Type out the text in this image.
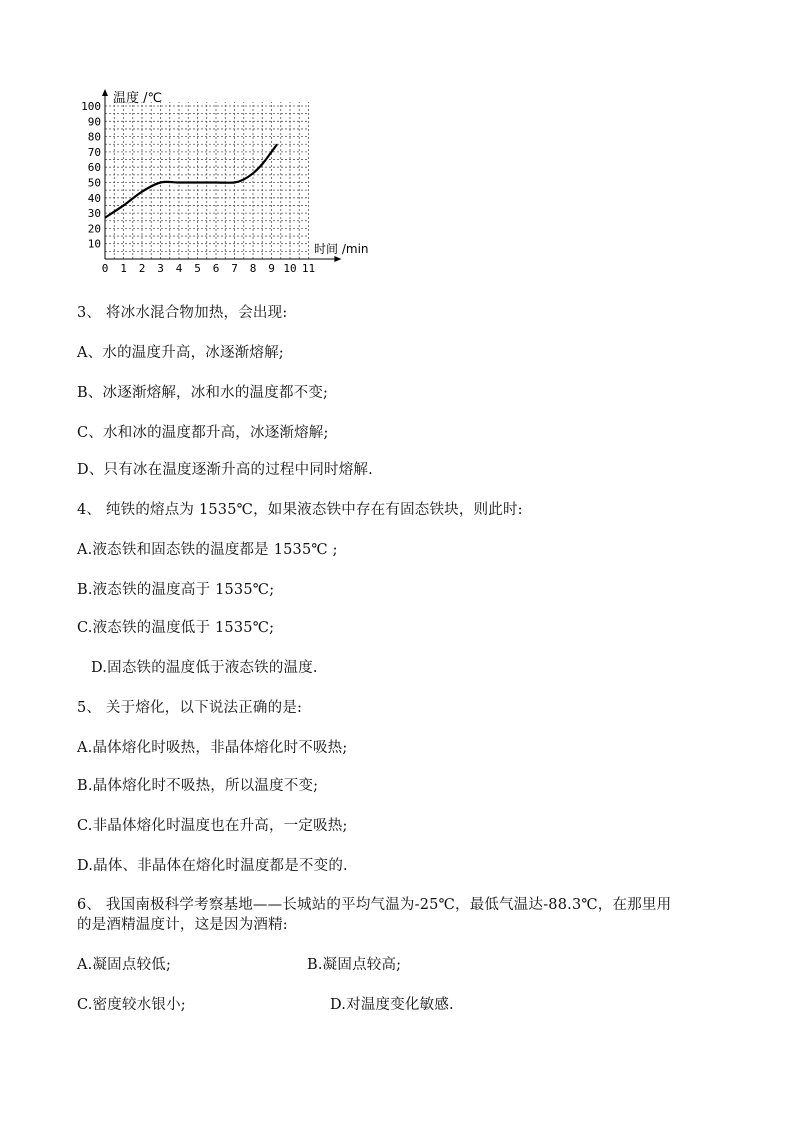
0 1 2 3 4 5 6 7 8 9 10 11
10
20
30
40
50
60
70
80
90
100
温度 /℃
时间 /min
3、 将冰水混合物加热，会出现:
A、水的温度升高，冰逐渐熔解;
B、冰逐渐熔解，冰和水的温度都不变;
C、水和冰的温度都升高，冰逐渐熔解;
D、只有冰在温度逐渐升高的过程中同时熔解.
4、 纯铁的熔点为 1535℃，如果液态铁中存在有固态铁块，则此时:
A.液态铁和固态铁的温度都是 1535℃ ;
B.液态铁的温度高于 1535℃;
C.液态铁的温度低于 1535℃;
D.固态铁的温度低于液态铁的温度.
5、 关于熔化，以下说法正确的是:
A.晶体熔化时吸热，非晶体熔化时不吸热;
B.晶体熔化时不吸热，所以温度不变;
C.非晶体熔化时温度也在升高，一定吸热;
D.晶体、非晶体在熔化时温度都是不变的.
6、 我国南极科学考察基地——长城站的平均气温为-25℃，最低气温达-88.3℃，在那里用
的是酒精温度计，这是因为酒精:
A.凝固点较低;	B.凝固点较高;
C.密度较水银小;	D.对温度变化敏感.
